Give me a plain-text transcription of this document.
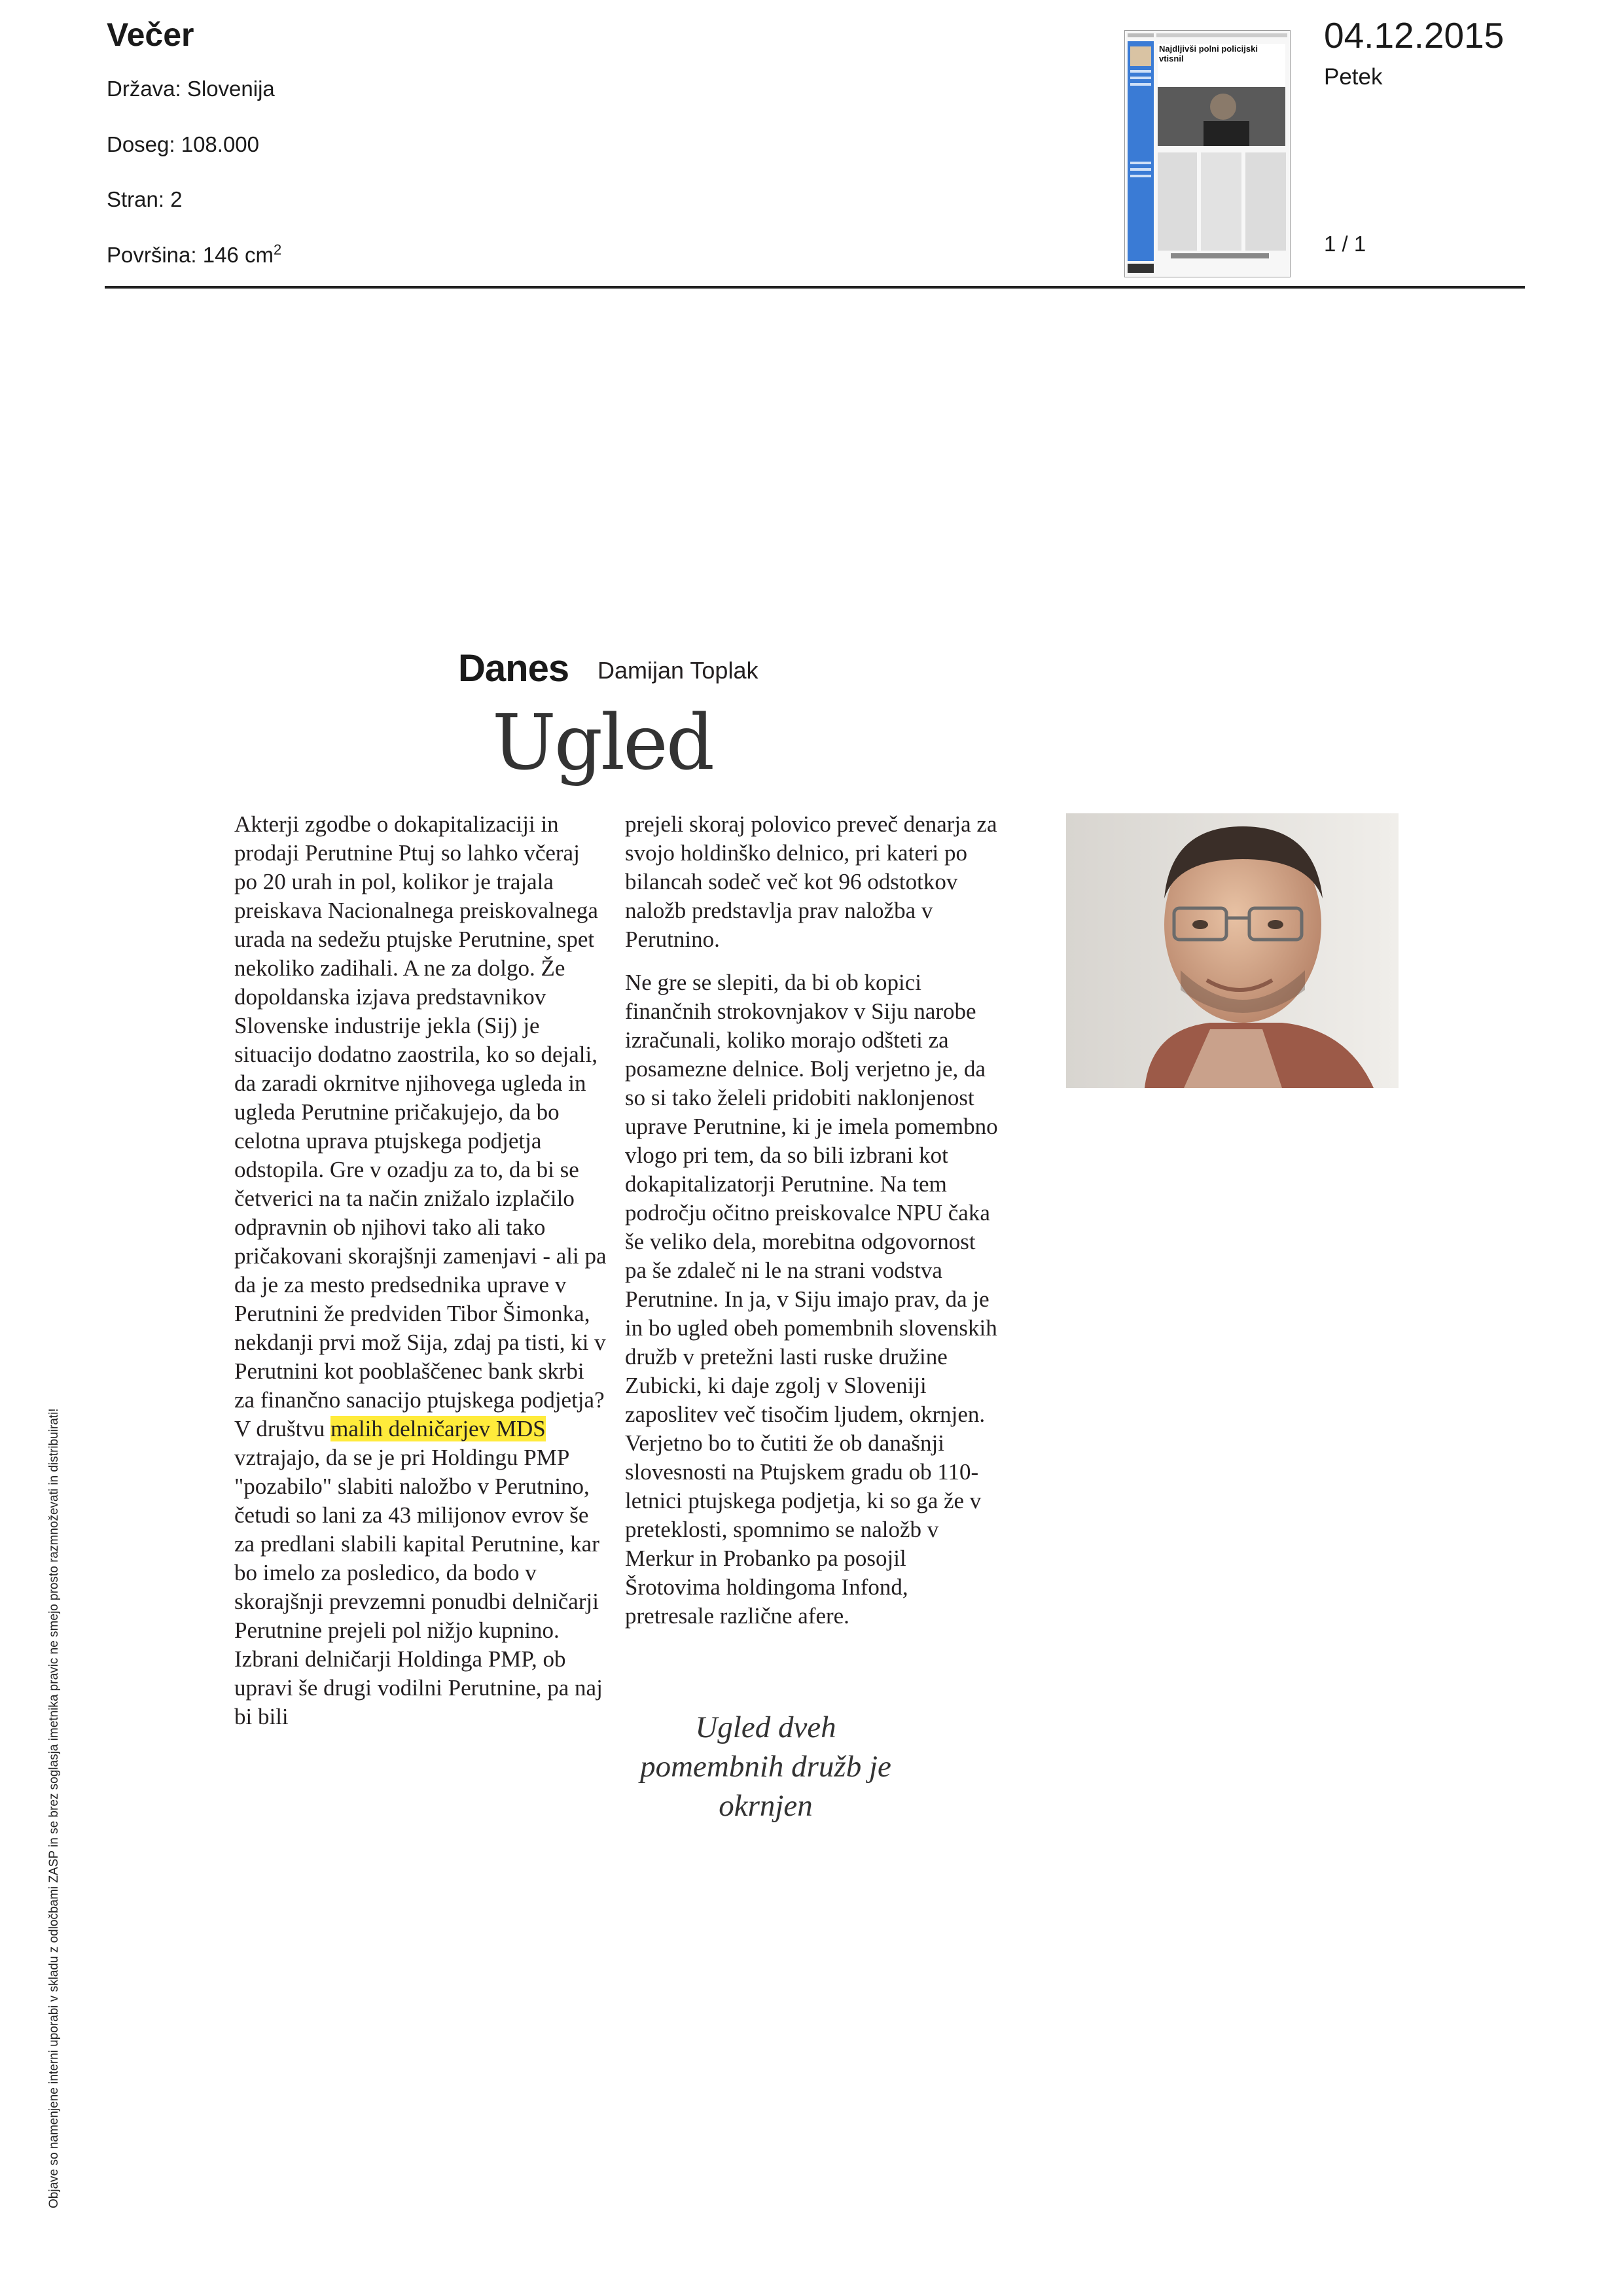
Večer
Država: Slovenija
Doseg: 108.000
Stran: 2
Površina: 146 $cm^2$
Najdljivši polni policijski vtisnil
04.12.2015
Petek
1 / 1
Objave so namenjene interni uporabi v skladu z odločbami ZASP in se brez soglasja imetnika pravic ne smejo prosto razmnoževati in distribuirati!
Danes Damijan Toplak
Ugled

Akterji zgodbe o dokapitalizaciji in prodaji Perutnine Ptuj so lahko včeraj po 20 urah in pol, kolikor je trajala preiskava Nacionalnega preiskovalnega urada na sedežu ptujske Perutnine, spet nekoliko zadihali. A ne za dolgo. Že dopoldanska izjava predstavnikov Slovenske industrije jekla (Sij) je situacijo dodatno zaostrila, ko so dejali, da zaradi okrnitve njihovega ugleda in ugleda Perutnine pričakujejo, da bo celotna uprava ptujskega podjetja odstopila. Gre v ozadju za to, da bi se četverici na ta način znižalo izplačilo odpravnin ob njihovi tako ali tako pričakovani skorajšnji zamenjavi - ali pa da je za mesto predsednika uprave v Perutnini že predviden Tibor Šimonka, nekdanji prvi mož Sija, zdaj pa tisti, ki v Perutnini kot pooblaščenec bank skrbi za finančno sanacijo ptujskega podjetja?

V društvu malih delničarjev MDS vztrajajo, da se je pri Holdingu PMP "pozabilo" slabiti naložbo v Perutnino, četudi so lani za 43 milijonov evrov še za predlani slabili kapital Perutnine, kar bo imelo za posledico, da bodo v skorajšnji prevzemni ponudbi delničarji Perutnine prejeli pol nižjo kupnino. Izbrani delničarji Holdinga PMP, ob upravi še drugi vodilni Perutnine, pa naj bi bili

prejeli skoraj polovico preveč denarja za svojo holdinško delnico, pri kateri po bilancah sodeč več kot 96 odstotkov naložb predstavlja prav naložba v Perutnino.

Ne gre se slepiti, da bi ob kopici finančnih strokovnjakov v Siju narobe izračunali, koliko morajo odšteti za posamezne delnice. Bolj verjetno je, da so si tako želeli pridobiti naklonjenost uprave Perutnine, ki je imela pomembno vlogo pri tem, da so bili izbrani kot dokapitalizatorji Perutnine. Na tem področju očitno preiskovalce NPU čaka še veliko dela, morebitna odgovornost pa še zdaleč ni le na strani vodstva Perutnine. In ja, v Siju imajo prav, da je in bo ugled obeh pomembnih slovenskih družb v pretežni lasti ruske družine Zubicki, ki daje zgolj v Sloveniji zaposlitev več tisočim ljudem, okrnjen. Verjetno bo to čutiti že ob današnji slovesnosti na Ptujskem gradu ob 110-letnici ptujskega podjetja, ki so ga že v preteklosti, spomnimo se naložb v Merkur in Probanko pa posojil Šrotovima holdingoma Infond, pretresale različne afere.

Ugled dveh pomembnih družb je okrnjen
